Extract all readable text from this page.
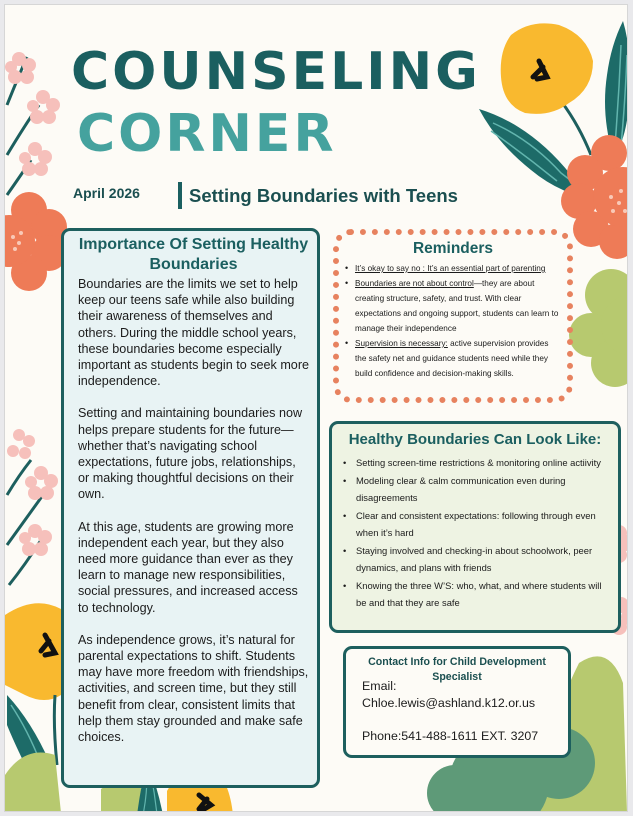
COUNSELING
CORNER
April 2026	Setting Boundaries with Teens
Importance Of Setting Healthy Boundaries

Boundaries are the limits we set to help keep our teens safe while also building their awareness of themselves and others. During the middle school years, these boundaries become especially important as students begin to seek more independence.

Setting and maintaining boundaries now helps prepare students for the future—whether that’s navigating school expectations, future jobs, relationships, or making thoughtful decisions on their own.

At this age, students are growing more independent each year, but they also need more guidance than ever as they learn to manage new responsibilities, social pressures, and increased access to technology.

As independence grows, it’s natural for parental expectations to shift. Students may have more freedom with friendships, activities, and screen time, but they still benefit from clear, consistent limits that help them stay grounded and make safe choices.

Reminders
• It’s okay to say no : It’s an essential part of parenting
• Boundaries are not about control—they are about creating structure, safety, and trust. With clear expectations and ongoing support, students can learn to manage their independence
• Supervision is necessary: active supervision provides the safety net and guidance students need while they build confidence and decision-making skills.
Healthy Boundaries Can Look Like:
• Setting screen-time restrictions & monitoring online actiivity
• Modeling clear & calm communication even during disagreements
• Clear and consistent expectations: following through even when it’s hard
• Staying involved and checking-in about schoolwork, peer dynamics, and plans with friends
• Knowing the three W’S: who, what, and where students will be and that they are safe
Contact Info for Child Development Specialist
Email:
Chloe.lewis@ashland.k12.or.us
Phone:541-488-1611 EXT. 3207
